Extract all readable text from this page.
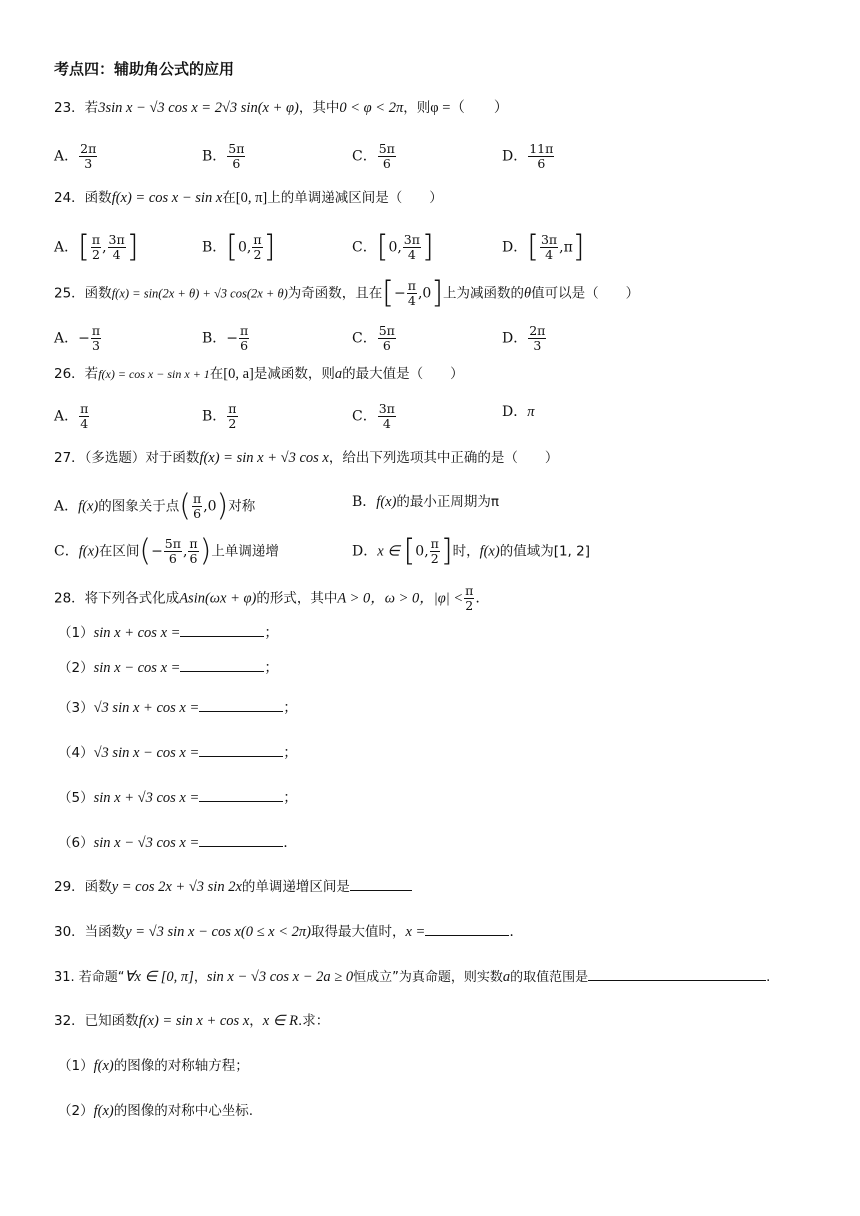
考点四：辅助角公式的应用
23．若3sin x − √3 cos x = 2√3 sin(x + φ)，其中0 < φ < 2π，则φ =（　　）
A． $\frac{2\pi}{3}$	B． $\frac{5\pi}{6}$	C． $\frac{5\pi}{6}$	D． $\frac{11\pi}{6}$
24．函数f(x) = cos x − sin x在[0, π]上的单调递减区间是（　　）
A．[ $\frac{\pi}{2}$ , $\frac{3\pi}{4}$ ]	B．[0, $\frac{\pi}{2}$ ]	C．[0, $\frac{3\pi}{4}$ ]	D．[ $\frac{3\pi}{4} ,\pi$]
25．函数f(x) = sin(2x + θ) + √3 cos(2x + θ)为奇函数，且在[− $\frac{\pi}{4} ,0$]上为减函数的θ值可以是（　　）
A．− $\frac{\pi}{3}$	B．− $\frac{\pi}{6}$	C． $\frac{5\pi}{6}$	D． $\frac{2\pi}{3}$
26．若f(x) = cos x − sin x + 1在[0, a]是减函数，则a的最大值是（　　）
A． $\frac{\pi}{4}$	B． $\frac{\pi}{2}$	C． $\frac{3\pi}{4}$	D．π
27．（多选题）对于函数f(x) = sin x + √3 cos x，给出下列选项其中正确的是（　　）
A．f(x)的图象关于点( $\frac{\pi}{6} ,0$)对称	B．f(x)的最小正周期为π
C．f(x)在区间(− $\frac{5\pi}{6}$ , $\frac{\pi}{6}$ )上单调递增	D．x ∈ [0, $\frac{\pi}{2}$ ]时，f(x)的值域为[1, 2]
28．将下列各式化成Asin(ωx + φ)的形式，其中A > 0，ω > 0，$|\varphi| < \frac{\pi}{2}$ .
（1）sin x + cos x =	；
（2）sin x − cos x =	；
（3）√3 sin x + cos x =	；
（4）√3 sin x − cos x =	；
（5）sin x + √3 cos x =	；
（6）sin x − √3 cos x =	.
29．函数y = cos 2x + √3 sin 2x的单调递增区间是
30．当函数y = √3 sin x − cos x(0 ≤ x < 2π)取得最大值时，x =	.
31. 若命题“∀x ∈ [0, π]，sin x − √3 cos x − 2a ≥ 0恒成立”为真命题，则实数a的取值范围是	.
32．已知函数f(x) = sin x + cos x，x ∈ R.求：
（1）f(x)的图像的对称轴方程；
（2）f(x)的图像的对称中心坐标.
